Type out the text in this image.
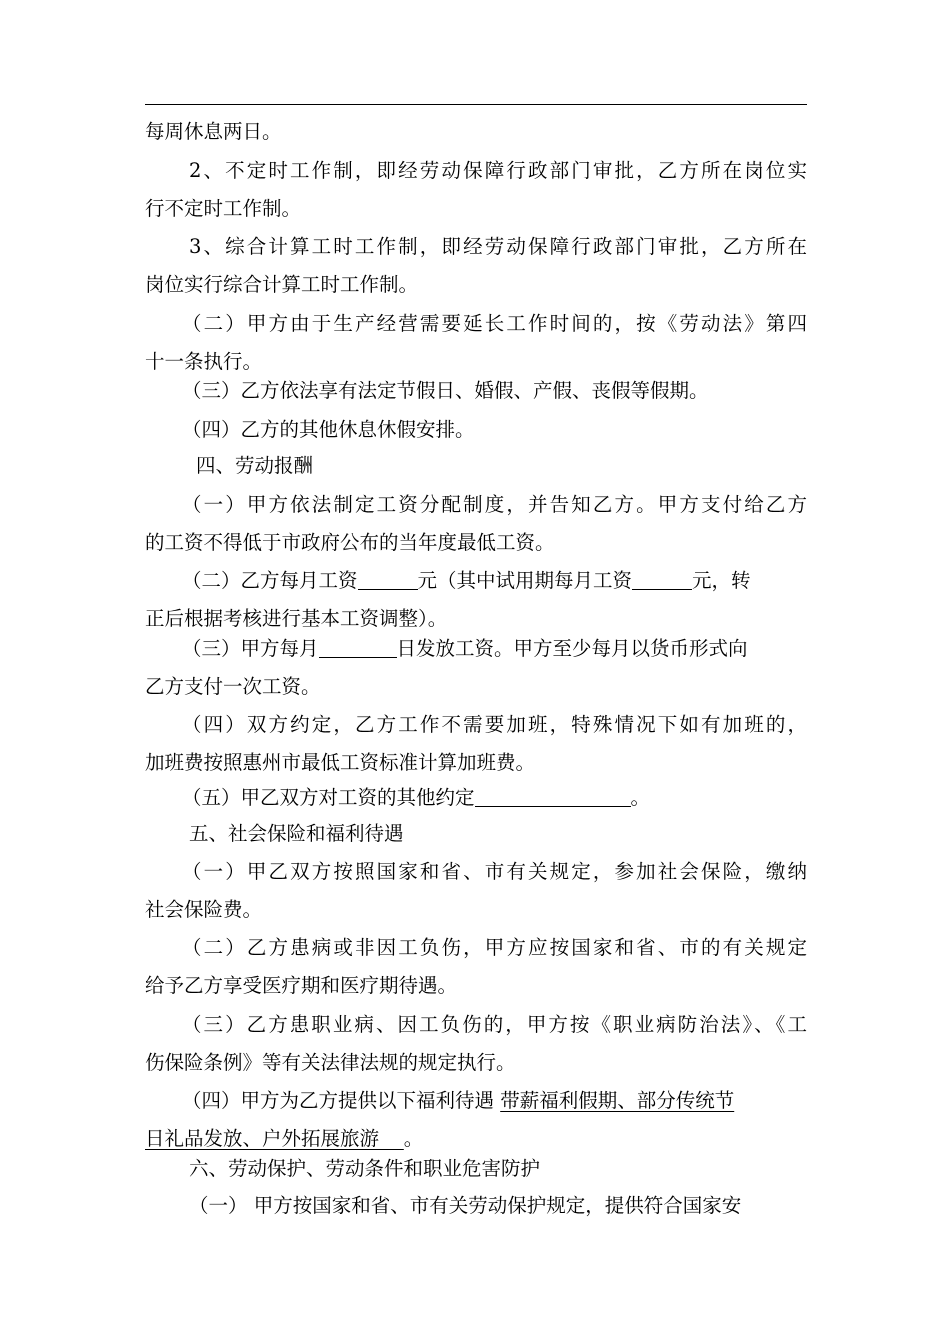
每周休息两日。
2、不定时工作制，即经劳动保障行政部门审批，乙方所在岗位实
行不定时工作制。
3、综合计算工时工作制，即经劳动保障行政部门审批，乙方所在
岗位实行综合计算工时工作制。
（二）甲方由于生产经营需要延长工作时间的，按《劳动法》第四
十一条执行。
（三）乙方依法享有法定节假日、婚假、产假、丧假等假期。
（四）乙方的其他休息休假安排。
四、劳动报酬
（一）甲方依法制定工资分配制度，并告知乙方。甲方支付给乙方
的工资不得低于市政府公布的当年度最低工资。
（二）乙方每月工资	元（其中试用期每月工资	元，转
正后根据考核进行基本工资调整）。
（三）甲方每月	日发放工资。甲方至少每月以货币形式向
乙方支付一次工资。
（四）双方约定，乙方工作不需要加班，特殊情况下如有加班的，
加班费按照惠州市最低工资标准计算加班费。
（五）甲乙双方对工资的其他约定	。
五、社会保险和福利待遇
（一）甲乙双方按照国家和省、市有关规定，参加社会保险，缴纳
社会保险费。
（二）乙方患病或非因工负伤，甲方应按国家和省、市的有关规定
给予乙方享受医疗期和医疗期待遇。
（三）乙方患职业病、因工负伤的，甲方按《职业病防治法》、《工
伤保险条例》等有关法律法规的规定执行。
（四）甲方为乙方提供以下福利待遇 带薪福利假期、部分传统节
日礼品发放、户外拓展旅游    。
六、劳动保护、劳动条件和职业危害防护
（一） 甲方按国家和省、市有关劳动保护规定，提供符合国家安
